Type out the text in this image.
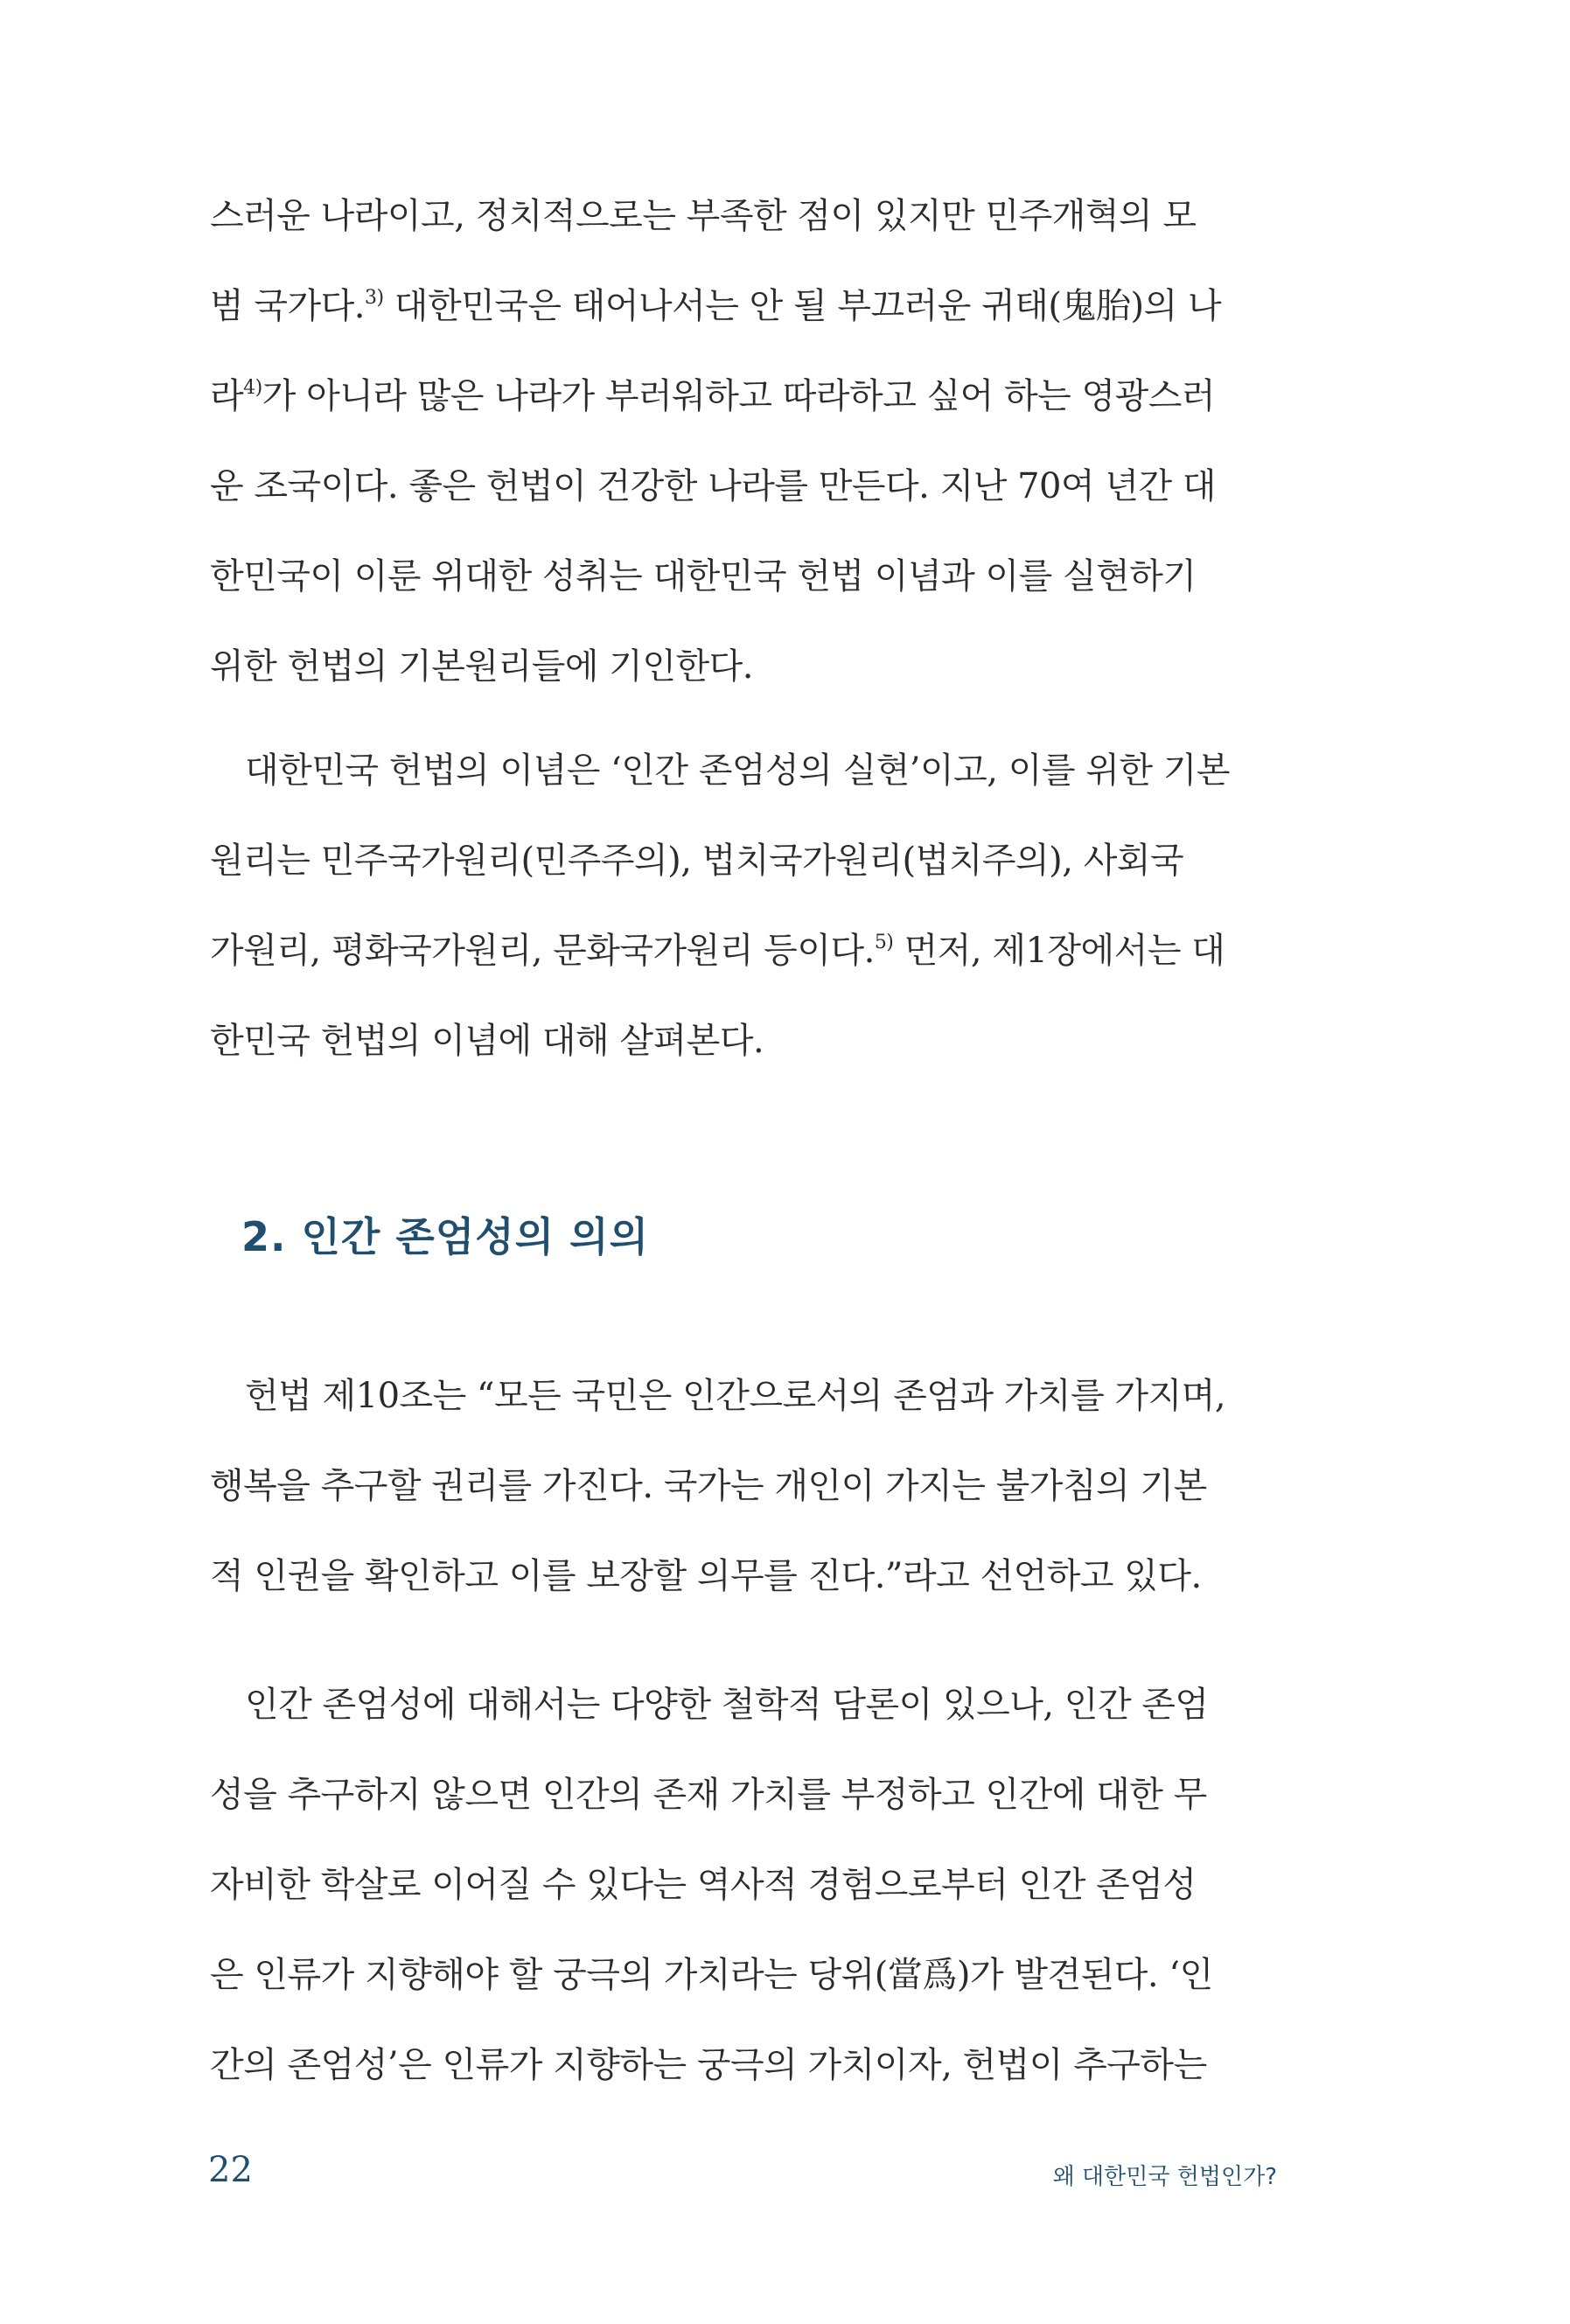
스러운 나라이고, 정치적으로는 부족한 점이 있지만 민주개혁의 모
범 국가다.$^{3)}$ 대한민국은 태어나서는 안 될 부끄러운 귀태(鬼胎)의 나
라$^{4)}$가 아니라 많은 나라가 부러워하고 따라하고 싶어 하는 영광스러
운 조국이다. 좋은 헌법이 건강한 나라를 만든다. 지난 70여 년간 대
한민국이 이룬 위대한 성취는 대한민국 헌법 이념과 이를 실현하기
위한 헌법의 기본원리들에 기인한다.
대한민국 헌법의 이념은 ‘인간 존엄성의 실현’이고, 이를 위한 기본
원리는 민주국가원리(민주주의), 법치국가원리(법치주의), 사회국
가원리, 평화국가원리, 문화국가원리 등이다.$^{5)}$ 먼저, 제1장에서는 대
한민국 헌법의 이념에 대해 살펴본다.
2. 인간 존엄성의 의의
헌법 제10조는 “모든 국민은 인간으로서의 존엄과 가치를 가지며,
행복을 추구할 권리를 가진다. 국가는 개인이 가지는 불가침의 기본
적 인권을 확인하고 이를 보장할 의무를 진다.”라고 선언하고 있다.
인간 존엄성에 대해서는 다양한 철학적 담론이 있으나, 인간 존엄
성을 추구하지 않으면 인간의 존재 가치를 부정하고 인간에 대한 무
자비한 학살로 이어질 수 있다는 역사적 경험으로부터 인간 존엄성
은 인류가 지향해야 할 궁극의 가치라는 당위(當爲)가 발견된다. ‘인
간의 존엄성’은 인류가 지향하는 궁극의 가치이자, 헌법이 추구하는

22	왜 대한민국 헌법인가?
